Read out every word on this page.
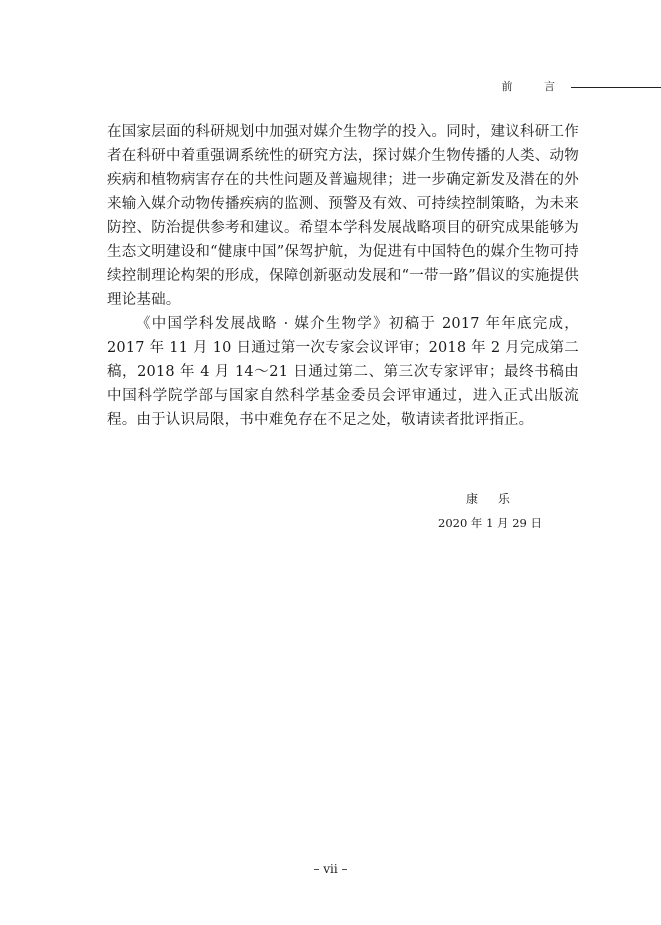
前 言

在国家层面的科研规划中加强对媒介生物学的投入。同时，建议科研工作者在科研中着重强调系统性的研究方法，探讨媒介生物传播的人类、动物疾病和植物病害存在的共性问题及普遍规律；进一步确定新发及潜在的外来输入媒介动物传播疾病的监测、预警及有效、可持续控制策略，为未来防控、防治提供参考和建议。希望本学科发展战略项目的研究成果能够为生态文明建设和“健康中国”保驾护航，为促进有中国特色的媒介生物可持续控制理论构架的形成，保障创新驱动发展和“一带一路”倡议的实施提供理论基础。

《中国学科发展战略 · 媒介生物学》初稿于 2017 年年底完成，2017 年 11 月 10 日通过第一次专家会议评审；2018 年 2 月完成第二稿，2018 年 4 月 14～21 日通过第二、第三次专家评审；最终书稿由中国科学院学部与国家自然科学基金委员会评审通过，进入正式出版流程。由于认识局限，书中难免存在不足之处，敬请读者批评指正。

康 乐
2020 年 1 月 29 日
– vii –
